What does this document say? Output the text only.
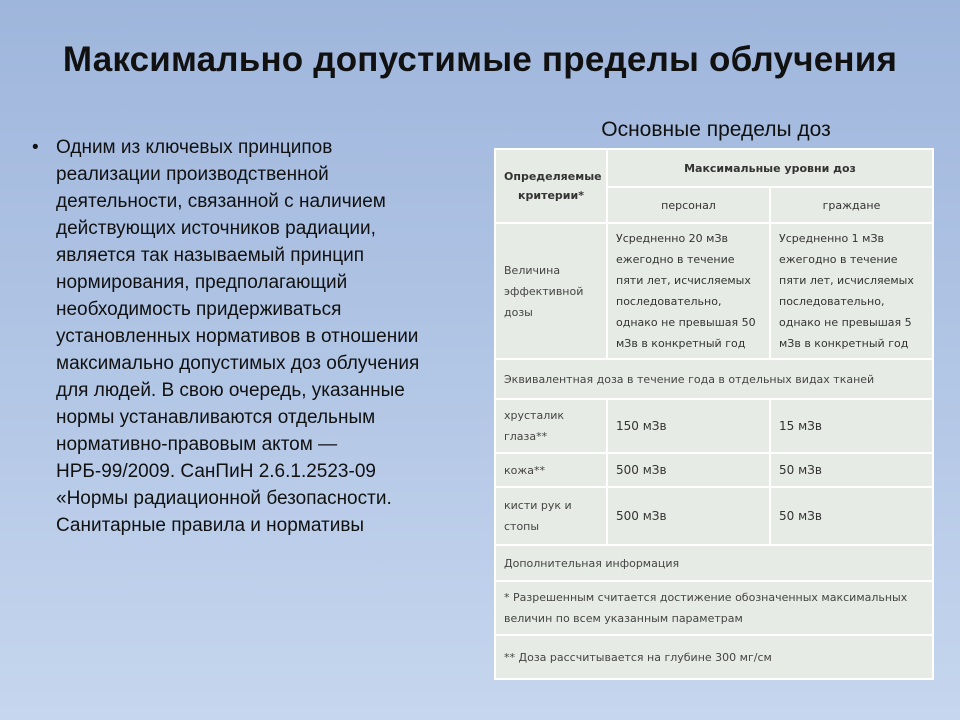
Максимально допустимые пределы облучения
• Одним из ключевых принципов реализации производственной деятельности, связанной с наличием действующих источников радиации, является так называемый принцип нормирования, предполагающий необходимость придерживаться установленных нормативов в отношении максимально допустимых доз облучения для людей. В свою очередь, указанные нормы устанавливаются отдельным нормативно-правовым актом — НРБ-99/2009. СанПиН 2.6.1.2523-09 «Нормы радиационной безопасности. Санитарные правила и нормативы
Основные пределы доз
Определяемые критерии*	Максимальные уровни доз	
	персонал	граждане
Величина эффективной дозы	Усредненно 20 мЗв ежегодно в течение пяти лет, исчисляемых последовательно, однако не превышая 50 мЗв в конкретный год	Усредненно 1 мЗв ежегодно в течение пяти лет, исчисляемых последовательно, однако не превышая 5 мЗв в конкретный год
Эквивалентная доза в течение года в отдельных видах тканей		
хрусталик глаза**	150 мЗв	15 мЗв
кожа**	500 мЗв	50 мЗв
кисти рук и стопы	500 мЗв	50 мЗв
Дополнительная информация		
* Разрешенным считается достижение обозначенных максимальных величин по всем указанным параметрам		
** Доза рассчитывается на глубине 300 мг/см		
